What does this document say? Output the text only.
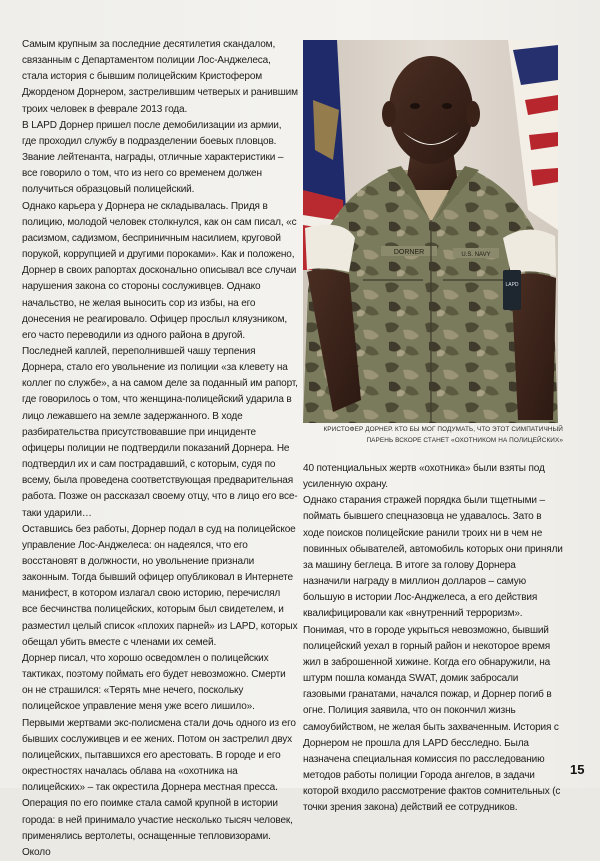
Самым крупным за последние десятилетия скандалом, связанным с Департаментом полиции Лос-Анджелеса, стала история с бывшим полицейским Кристофером Джорденом Дорнером, застрелившим четверых и ранившим троих человек в феврале 2013 года.

В LAPD Дорнер пришел после демобилизации из армии, где проходил службу в подразделении боевых пловцов. Звание лейтенанта, награды, отличные характеристики – все говорило о том, что из него со временем должен получиться образцовый полицейский.

Однако карьера у Дорнера не складывалась. Придя в полицию, молодой человек столкнулся, как он сам писал, «с расизмом, садизмом, бесприничным насилием, круговой порукой, коррупцией и другими пороками». Как и положено, Дорнер в своих рапортах досконально описывал все случаи нарушения закона со стороны сослуживцев. Однако начальство, не желая выносить сор из избы, на его донесения не реагировало. Офицер прослыл кляузником, его часто переводили из одного района в другой.

Последней каплей, переполнившей чашу терпения Дорнера, стало его увольнение из полиции «за клевету на коллег по службе», а на самом деле за поданный им рапорт, где говорилось о том, что женщина-полицейский ударила в лицо лежавшего на земле задержанного. В ходе разбирательства присутствовавшие при инциденте офицеры полиции не подтвердили показаний Дорнера. Не подтвердил их и сам пострадавший, с которым, судя по всему, была проведена соответствующая предварительная работа. Позже он рассказал своему отцу, что в лицо его все-таки ударили…

Оставшись без работы, Дорнер подал в суд на полицейское управление Лос-Анджелеса: он надеялся, что его восстановят в должности, но увольнение признали законным. Тогда бывший офицер опубликовал в Интернете манифест, в котором излагал свою историю, перечислял все бесчинства полицейских, которым был свидетелем, и разместил целый список «плохих парней» из LAPD, которых обещал убить вместе с членами их семей.

Дорнер писал, что хорошо осведомлен о полицейских тактиках, поэтому поймать его будет невозможно. Смерти он не страшился: «Терять мне нечего, поскольку полицейское управление меня уже всего лишило».

Первыми жертвами экс-полисмена стали дочь одного из его бывших сослуживцев и ее жених. Потом он застрелил двух полицейских, пытавшихся его арестовать. В городе и его окрестностях началась облава на «охотника на полицейских» – так окрестила Дорнера местная пресса. Операция по его поимке стала самой крупной в истории города: в ней принимало участие несколько тысяч человек, применялись вертолеты, оснащенные тепловизорами. Около

DORNER	U.S. NAVY
LAPD
КРИСТОФЕР ДОРНЕР. КТО БЫ МОГ ПОДУМАТЬ, ЧТО ЭТОТ СИМПАТИЧНЫЙ ПАРЕНЬ ВСКОРЕ СТАНЕТ «ОХОТНИКОМ НА ПОЛИЦЕЙСКИХ»

40 потенциальных жертв «охотника» были взяты под усиленную охрану.

Однако старания стражей порядка были тщетными – поймать бывшего спецназовца не удавалось. Зато в ходе поисков полицейские ранили троих ни в чем не повинных обывателей, автомобиль которых они приняли за машину беглеца. В итоге за голову Дорнера назначили награду в миллион долларов – самую большую в истории Лос-Анджелеса, а его действия квалифицировали как «внутренний терроризм». Понимая, что в городе укрыться невозможно, бывший полицейский уехал в горный район и некоторое время жил в заброшенной хижине. Когда его обнаружили, на штурм пошла команда SWAT, домик забросали газовыми гранатами, начался пожар, и Дорнер погиб в огне. Полиция заявила, что он покончил жизнь самоубийством, не желая быть захваченным. История с Дорнером не прошла для LAPD бесследно. Была назначена специальная комиссия по расследованию методов работы полиции Города ангелов, в задачи которой входило рассмотрение фактов сомнительных (с точки зрения закона) действий ее сотрудников.

15
